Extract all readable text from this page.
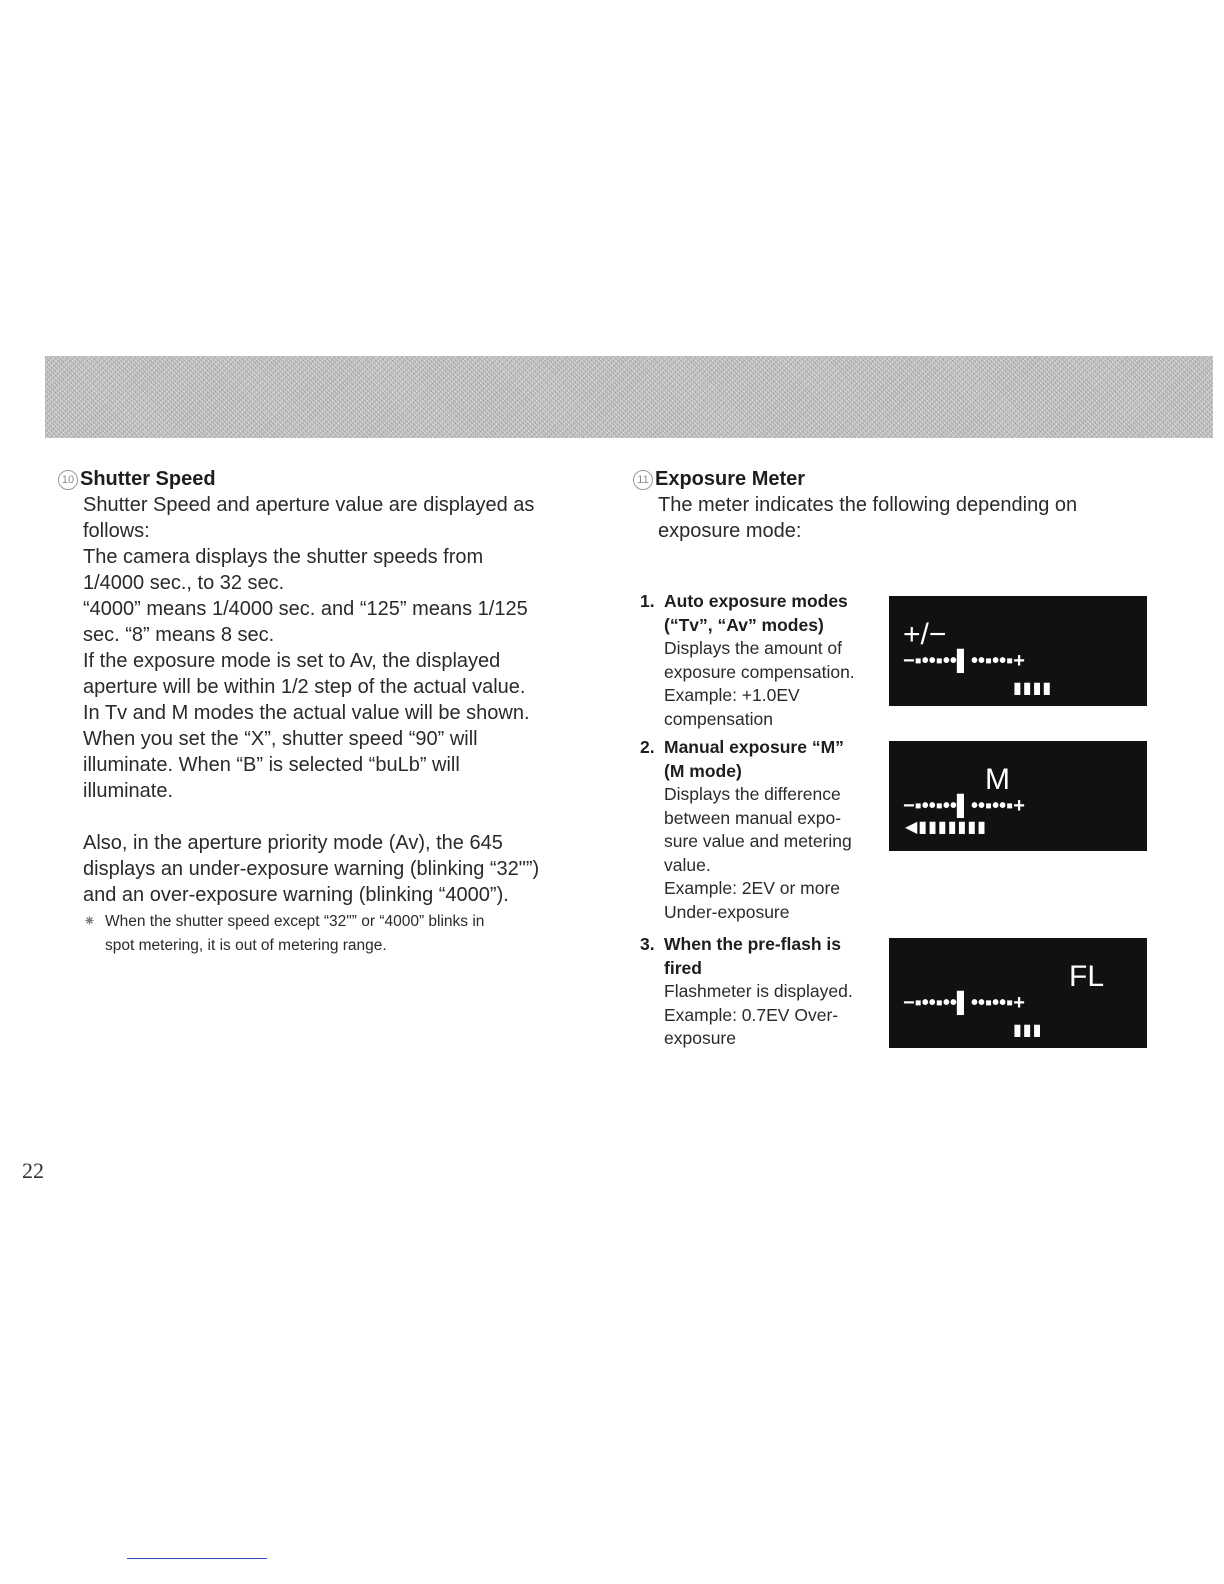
10 Shutter Speed

Shutter Speed and aperture value are displayed as

follows:

The camera displays the shutter speeds from

1/4000 sec., to 32 sec.

“4000” means 1/4000 sec. and “125” means 1/125

sec. “8” means 8 sec.

If the exposure mode is set to Av, the displayed

aperture will be within 1/2 step of the actual value.

In Tv and M modes the actual value will be shown.

When you set the “X”, shutter speed “90” will

illuminate. When “B” is selected “buLb” will

illuminate.

Also, in the aperture priority mode (Av), the 645

displays an under-exposure warning (blinking “32"”)

and an over-exposure warning (blinking “4000”).

⁕ When the shutter speed except “32"” or “4000” blinks in
spot metering, it is out of metering range.

11 Exposure Meter

The meter indicates the following depending on

exposure mode:

1. Auto exposure modes
(“Tv”, “Av” modes)
Displays the amount of
exposure compensation.
Example: +1.0EV
compensation
2. Manual exposure “M”
(M mode)
Displays the difference
between manual expo-
sure value and metering
value.
Example: 2EV or more
Under-exposure
3. When the pre-flash is
fired
Flashmeter is displayed.
Example: 0.7EV Over-
exposure
+/−
−▪••▪••▌••▪••▪+
▮▮▮▮
M
−▪••▪••▌••▪••▪+
◀▮▮▮▮▮▮▮
FL
−▪••▪••▌••▪••▪+
▮▮▮
22
